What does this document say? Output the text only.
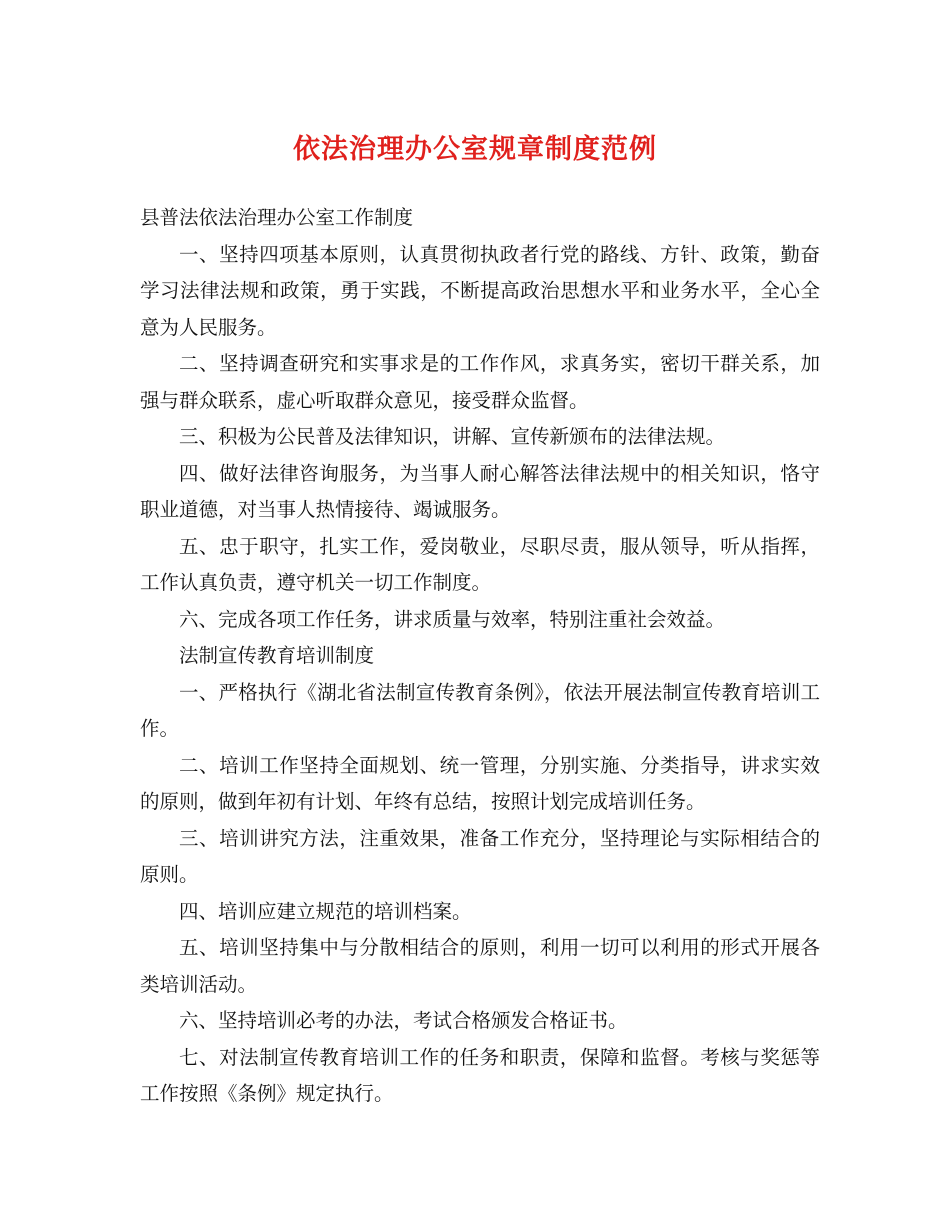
依法治理办公室规章制度范例

县普法依法治理办公室工作制度

一、坚持四项基本原则，认真贯彻执政者行党的路线、方针、政策，勤奋学习法律法规和政策，勇于实践，不断提高政治思想水平和业务水平，全心全意为人民服务。

二、坚持调查研究和实事求是的工作作风，求真务实，密切干群关系，加强与群众联系，虚心听取群众意见，接受群众监督。

三、积极为公民普及法律知识，讲解、宣传新颁布的法律法规。

四、做好法律咨询服务，为当事人耐心解答法律法规中的相关知识，恪守职业道德，对当事人热情接待、竭诚服务。

五、忠于职守，扎实工作，爱岗敬业，尽职尽责，服从领导，听从指挥，工作认真负责，遵守机关一切工作制度。

六、完成各项工作任务，讲求质量与效率，特别注重社会效益。

法制宣传教育培训制度

一、严格执行《湖北省法制宣传教育条例》，依法开展法制宣传教育培训工作。

二、培训工作坚持全面规划、统一管理，分别实施、分类指导，讲求实效的原则，做到年初有计划、年终有总结，按照计划完成培训任务。

三、培训讲究方法，注重效果，准备工作充分，坚持理论与实际相结合的原则。

四、培训应建立规范的培训档案。

五、培训坚持集中与分散相结合的原则，利用一切可以利用的形式开展各类培训活动。

六、坚持培训必考的办法，考试合格颁发合格证书。

七、对法制宣传教育培训工作的任务和职责，保障和监督。考核与奖惩等工作按照《条例》规定执行。
